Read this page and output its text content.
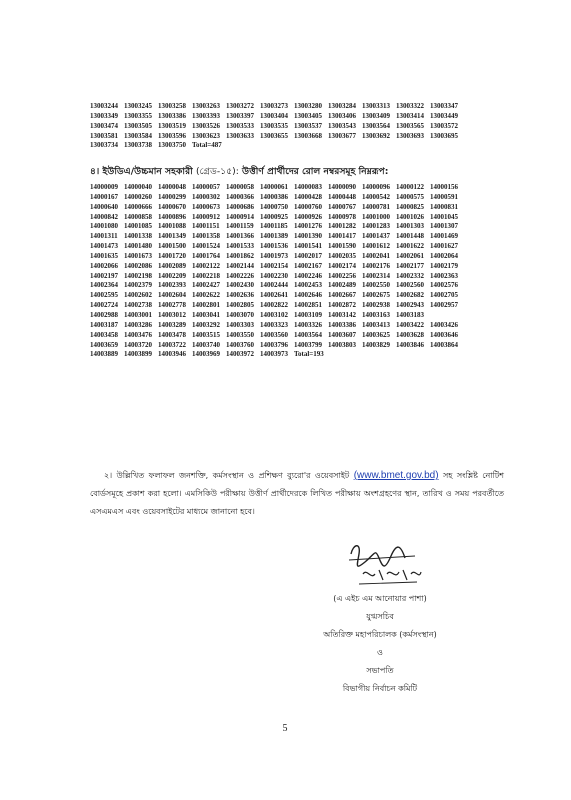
13003244 13003245 13003258 13003263 13003272 13003273 13003280 13003284 13003313 13003322 13003347
13003349 13003355 13003386 13003393 13003397 13003404 13003405 13003406 13003409 13003414 13003449
13003474 13003505 13003519 13003526 13003533 13003535 13003537 13003543 13003564 13003565 13003572
13003581 13003584 13003596 13003623 13003633 13003655 13003668 13003677 13003692 13003693 13003695
13003734 13003738 13003750 Total=487
৪। ইউডিএ/উচ্চমান সহকারী (গ্রেড-১৫): উত্তীর্ণ প্রার্থীদের রোল নম্বরসমূহ নিম্নরূপ:
14000009 14000040 14000048 14000057 14000058 14000061 14000083 14000090 14000096 14000122 14000156
14000167 14000260 14000299 14000302 14000366 14000386 14000428 14000448 14000542 14000575 14000591
14000640 14000666 14000670 14000673 14000686 14000750 14000760 14000767 14000781 14000825 14000831
14000842 14000858 14000896 14000912 14000914 14000925 14000926 14000978 14001000 14001026 14001045
14001080 14001085 14001088 14001151 14001159 14001185 14001276 14001282 14001283 14001303 14001307
14001311 14001338 14001349 14001358 14001366 14001389 14001390 14001417 14001437 14001448 14001469
14001473 14001480 14001500 14001524 14001533 14001536 14001541 14001590 14001612 14001622 14001627
14001635 14001673 14001720 14001764 14001862 14001973 14002017 14002035 14002041 14002061 14002064
14002066 14002086 14002089 14002122 14002144 14002154 14002167 14002174 14002176 14002177 14002179
14002197 14002198 14002209 14002218 14002226 14002230 14002246 14002256 14002314 14002332 14002363
14002364 14002379 14002393 14002427 14002430 14002444 14002453 14002489 14002550 14002560 14002576
14002595 14002602 14002604 14002622 14002636 14002641 14002646 14002667 14002675 14002682 14002705
14002724 14002738 14002778 14002801 14002805 14002822 14002851 14002872 14002938 14002943 14002957
14002988 14003001 14003012 14003041 14003070 14003102 14003109 14003142 14003163 14003183
14003187 14003286 14003289 14003292 14003303 14003323 14003326 14003386 14003413 14003422 14003426
14003458 14003476 14003478 14003515 14003550 14003560 14003564 14003607 14003625 14003628 14003646
14003659 14003720 14003722 14003740 14003760 14003796 14003799 14003803 14003829 14003846 14003864
14003889 14003899 14003946 14003969 14003972 14003973 Total=193
২। উল্লিখিত ফলাফল জনশক্তি, কর্মসংস্থান ও প্রশিক্ষণ ব্যুরো'র ওয়েবসাইট (www.bmet.gov.bd) সহ সংশ্লিষ্ট নোটিশ বোর্ডসমূহে প্রকাশ করা হলো। এমসিকিউ পরীক্ষায় উত্তীর্ণ প্রার্থীদেরকে লিখিত পরীক্ষায় অংশগ্রহণের স্থান, তারিখ ও সময় পরবর্তীতে এসএমএস এবং ওয়েবসাইটের মাধ্যমে জানানো হবে।
(এ এইচ এম আনোয়ার পাশা)
যুগ্মসচিব
অতিরিক্ত মহাপরিচালক (কর্মসংস্থান)
ও
সভাপতি
বিভাগীয় নির্বাচন কমিটি
5
